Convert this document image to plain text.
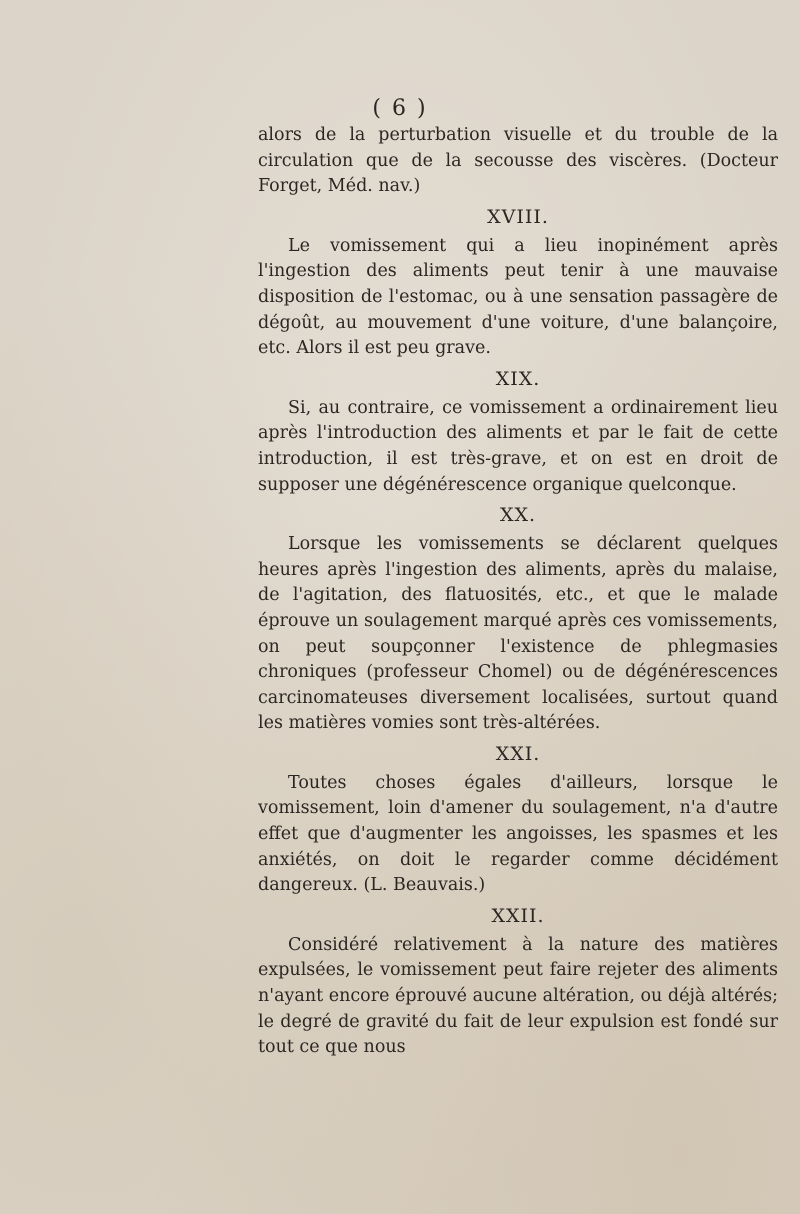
( 6 )

alors de la perturbation visuelle et du trouble de la circulation que de la secousse des viscères. (Docteur Forget, Méd. nav.)

XVIII.

Le vomissement qui a lieu inopinément après l'ingestion des aliments peut tenir à une mauvaise disposition de l'estomac, ou à une sensation passagère de dégoût, au mouvement d'une voiture, d'une balançoire, etc. Alors il est peu grave.

XIX.

Si, au contraire, ce vomissement a ordinairement lieu après l'introduction des aliments et par le fait de cette introduction, il est très-grave, et on est en droit de supposer une dégénérescence organique quelconque.

XX.

Lorsque les vomissements se déclarent quelques heures après l'ingestion des aliments, après du malaise, de l'agitation, des flatuosités, etc., et que le malade éprouve un soulagement marqué après ces vomissements, on peut soupçonner l'existence de phlegmasies chroniques (professeur Chomel) ou de dégénérescences carcinomateuses diversement localisées, surtout quand les matières vomies sont très-altérées.

XXI.

Toutes choses égales d'ailleurs, lorsque le vomissement, loin d'amener du soulagement, n'a d'autre effet que d'augmenter les angoisses, les spasmes et les anxiétés, on doit le regarder comme décidément dangereux. (L. Beauvais.)

XXII.

Considéré relativement à la nature des matières expulsées, le vomissement peut faire rejeter des aliments n'ayant encore éprouvé aucune altération, ou déjà altérés; le degré de gravité du fait de leur expulsion est fondé sur tout ce que nous
